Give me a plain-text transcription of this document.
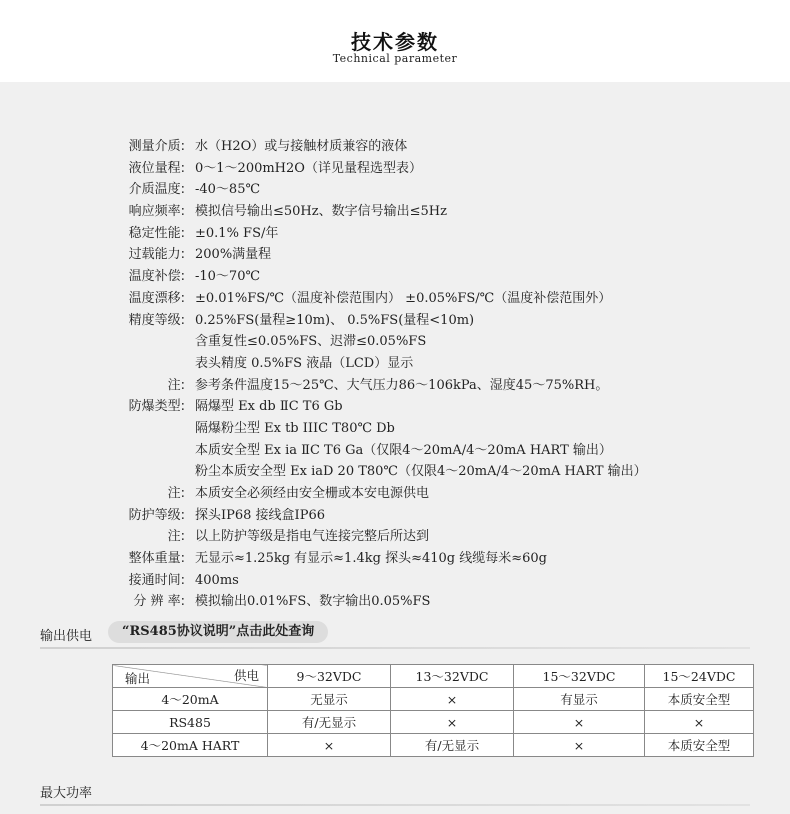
技术参数
Technical parameter
测量介质: 水（H2O）或与接触材质兼容的液体
液位量程: 0～1～200mH2O（详见量程选型表）
介质温度: -40～85℃
响应频率: 模拟信号输出≤50Hz、数字信号输出≤5Hz
稳定性能: ±0.1% FS/年
过载能力: 200%满量程
温度补偿: -10～70℃
温度漂移: ±0.01%FS/℃（温度补偿范围内） ±0.05%FS/℃（温度补偿范围外）
精度等级: 0.25%FS(量程≥10m)、 0.5%FS(量程<10m)
含重复性≤0.05%FS、迟滞≤0.05%FS
表头精度 0.5%FS 液晶（LCD）显示
注: 参考条件温度15～25℃、大气压力86～106kPa、湿度45～75%RH。
防爆类型: 隔爆型 Ex db ⅡC T6 Gb
隔爆粉尘型 Ex tb IIIC T80℃ Db
本质安全型 Ex ia ⅡC T6 Ga（仅限4～20mA/4～20mA HART 输出）
粉尘本质安全型 Ex iaD 20 T80℃（仅限4～20mA/4～20mA HART 输出）
注: 本质安全必须经由安全栅或本安电源供电
防护等级: 探头IP68 接线盒IP66
注: 以上防护等级是指电气连接完整后所达到
整体重量: 无显示≈1.25kg 有显示≈1.4kg 探头≈410g 线缆每米≈60g
接通时间: 400ms
分 辨 率: 模拟输出0.01%FS、数字输出0.05%FS
输出供电	“RS485协议说明”点击此处查询
供电
输出	9～32VDC	13～32VDC	15～32VDC	15～24VDC
4～20mA	无显示	×	有显示	本质安全型
RS485	有/无显示	×	×	×
4～20mA HART	×	有/无显示	×	本质安全型
最大功率
